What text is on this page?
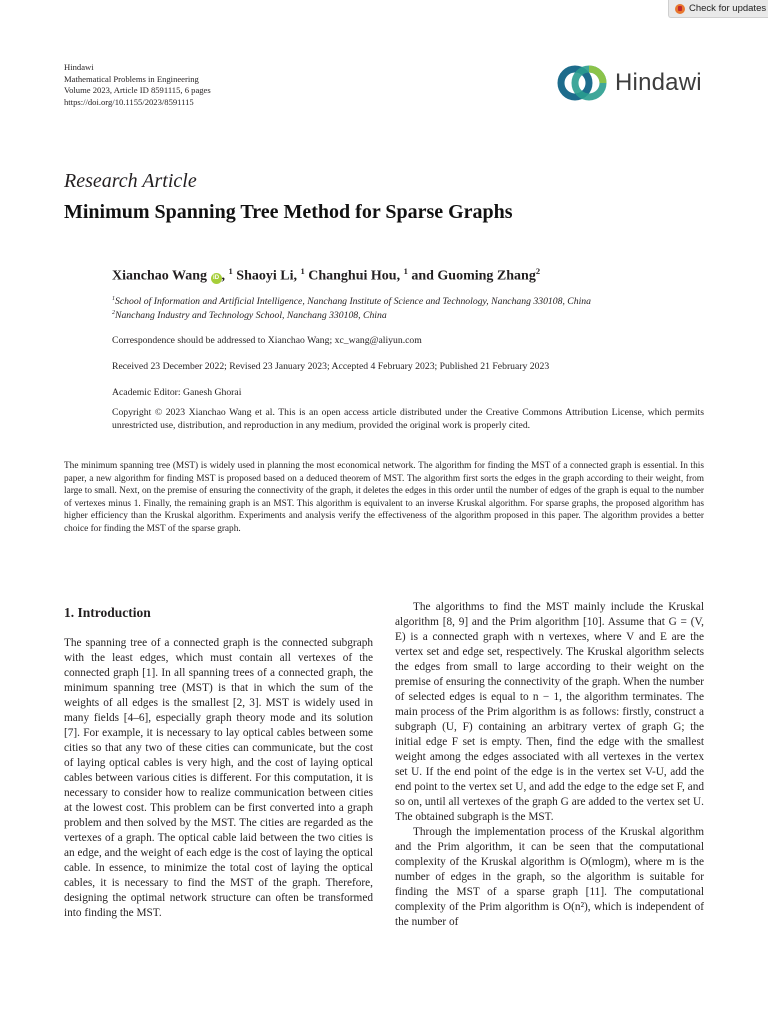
Check for updates
Hindawi
Mathematical Problems in Engineering
Volume 2023, Article ID 8591115, 6 pages
https://doi.org/10.1155/2023/8591115
Hindawi
Research Article
Minimum Spanning Tree Method for Sparse Graphs
Xianchao Wang iD , $^1$ Shaoyi Li, $^1$ Changhui Hou, $^1$ and Guoming Zhang$^2$
$^1$School of Information and Artificial Intelligence, Nanchang Institute of Science and Technology, Nanchang 330108, China
$^2$Nanchang Industry and Technology School, Nanchang 330108, China
Correspondence should be addressed to Xianchao Wang; xc_wang@aliyun.com
Received 23 December 2022; Revised 23 January 2023; Accepted 4 February 2023; Published 21 February 2023
Academic Editor: Ganesh Ghorai
Copyright © 2023 Xianchao Wang et al. This is an open access article distributed under the Creative Commons Attribution License, which permits unrestricted use, distribution, and reproduction in any medium, provided the original work is properly cited.
The minimum spanning tree (MST) is widely used in planning the most economical network. The algorithm for finding the MST of a connected graph is essential. In this paper, a new algorithm for finding MST is proposed based on a deduced theorem of MST. The algorithm first sorts the edges in the graph according to their weight, from large to small. Next, on the premise of ensuring the connectivity of the graph, it deletes the edges in this order until the number of edges of the graph is equal to the number of vertexes minus 1. Finally, the remaining graph is an MST. This algorithm is equivalent to an inverse Kruskal algorithm. For sparse graphs, the proposed algorithm has higher efficiency than the Kruskal algorithm. Experiments and analysis verify the effectiveness of the algorithm proposed in this paper. The algorithm provides a better choice for finding the MST of the sparse graph.
1. Introduction

The spanning tree of a connected graph is the connected subgraph with the least edges, which must contain all vertexes of the connected graph [1]. In all spanning trees of a connected graph, the minimum spanning tree (MST) is that in which the sum of the weights of all edges is the smallest [2, 3]. MST is widely used in many fields [4–6], especially graph theory mode and its solution [7]. For example, it is necessary to lay optical cables between some cities so that any two of these cities can communicate, but the cost of laying optical cables is very high, and the cost of laying optical cables between various cities is different. For this computation, it is necessary to consider how to realize communication between cities at the lowest cost. This problem can be first converted into a graph problem and then solved by the MST. The cities are regarded as the vertexes of a graph. The optical cable laid between the two cities is an edge, and the weight of each edge is the cost of laying the optical cable. In essence, to minimize the total cost of laying the optical cables, it is necessary to find the MST of the graph. Therefore, designing the optimal network structure can often be transformed into finding the MST.

The algorithms to find the MST mainly include the Kruskal algorithm [8, 9] and the Prim algorithm [10]. Assume that G = (V, E) is a connected graph with n vertexes, where V and E are the vertex set and edge set, respectively. The Kruskal algorithm selects the edges from small to large according to their weight on the premise of ensuring the connectivity of the graph. When the number of selected edges is equal to n − 1, the algorithm terminates. The main process of the Prim algorithm is as follows: firstly, construct a subgraph (U, F) containing an arbitrary vertex of graph G; the initial edge F set is empty. Then, find the edge with the smallest weight among the edges associated with all vertexes in the vertex set U. If the end point of the edge is in the vertex set V-U, add the end point to the vertex set U, and add the edge to the edge set F, and so on, until all vertexes of the graph G are added to the vertex set U. The obtained subgraph is the MST.

Through the implementation process of the Kruskal algorithm and the Prim algorithm, it can be seen that the computational complexity of the Kruskal algorithm is O(mlogm), where m is the number of edges in the graph, so the algorithm is suitable for finding the MST of a sparse graph [11]. The computational complexity of the Prim algorithm is O(n²), which is independent of the number of
